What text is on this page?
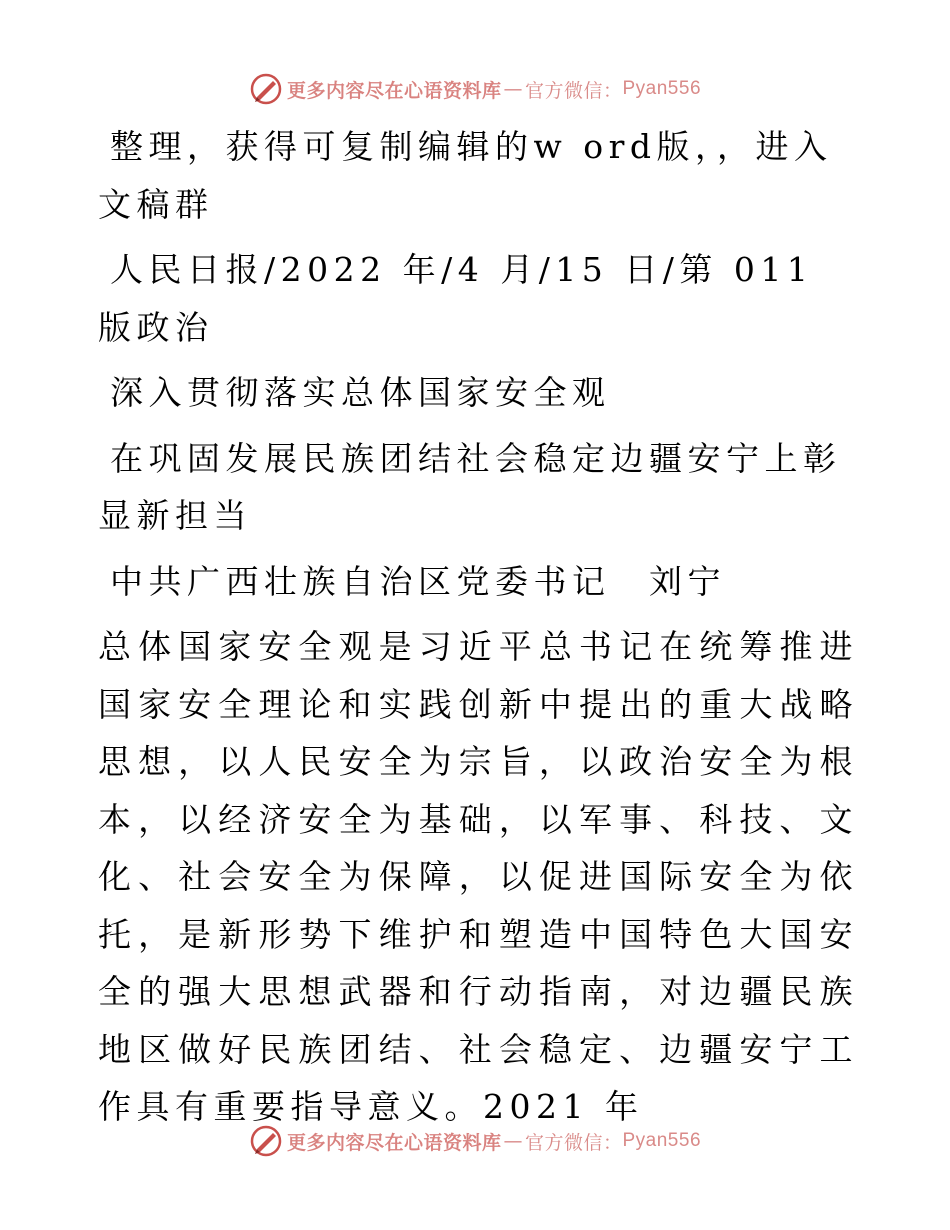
更多内容尽在心语资料库 — 官方微信： Pyan556

整理，获得可复制编辑的w ord版，，进入文稿群

人民日报/2022 年/4 月/15 日/第 011 版政治

深入贯彻落实总体国家安全观

在巩固发展民族团结社会稳定边疆安宁上彰显新担当

中共广西壮族自治区党委书记　刘宁

总体国家安全观是习近平总书记在统筹推进国家安全理论和实践创新中提出的重大战略思想，以人民安全为宗旨，以政治安全为根本，以经济安全为基础，以军事、科技、文化、社会安全为保障，以促进国际安全为依托，是新形势下维护和塑造中国特色大国安全的强大思想武器和行动指南，对边疆民族地区做好民族团结、社会稳定、边疆安宁工作具有重要指导意义。2021 年

更多内容尽在心语资料库 — 官方微信： Pyan556
